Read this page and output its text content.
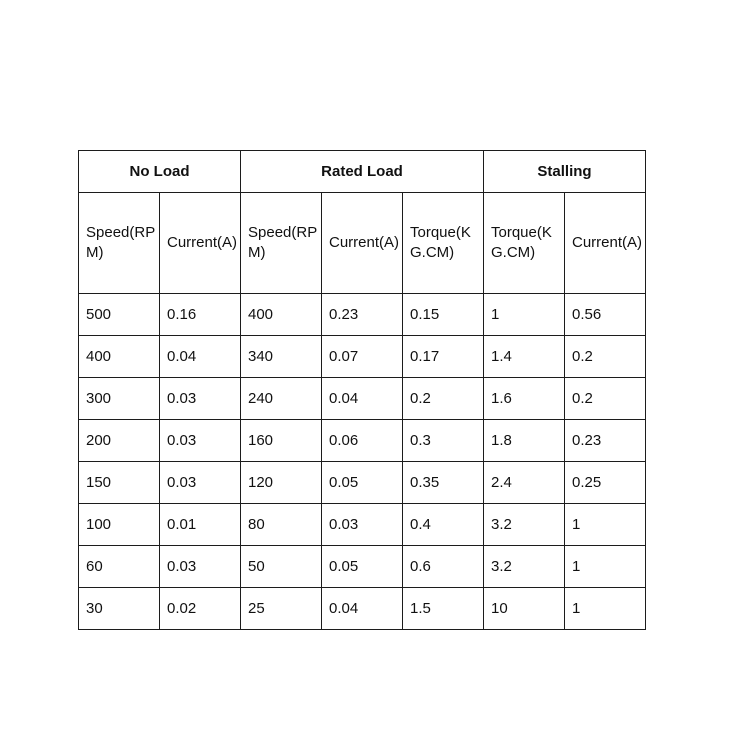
No Load		Rated Load			Stalling	
Speed(RP M)	Current(A)	Speed(RP M)	Current(A)	Torque(K G.CM)	Torque(K G.CM)	Current(A)
500	0.16	400	0.23	0.15	1	0.56
400	0.04	340	0.07	0.17	1.4	0.2
300	0.03	240	0.04	0.2	1.6	0.2
200	0.03	160	0.06	0.3	1.8	0.23
150	0.03	120	0.05	0.35	2.4	0.25
100	0.01	80	0.03	0.4	3.2	1
60	0.03	50	0.05	0.6	3.2	1
30	0.02	25	0.04	1.5	10	1
